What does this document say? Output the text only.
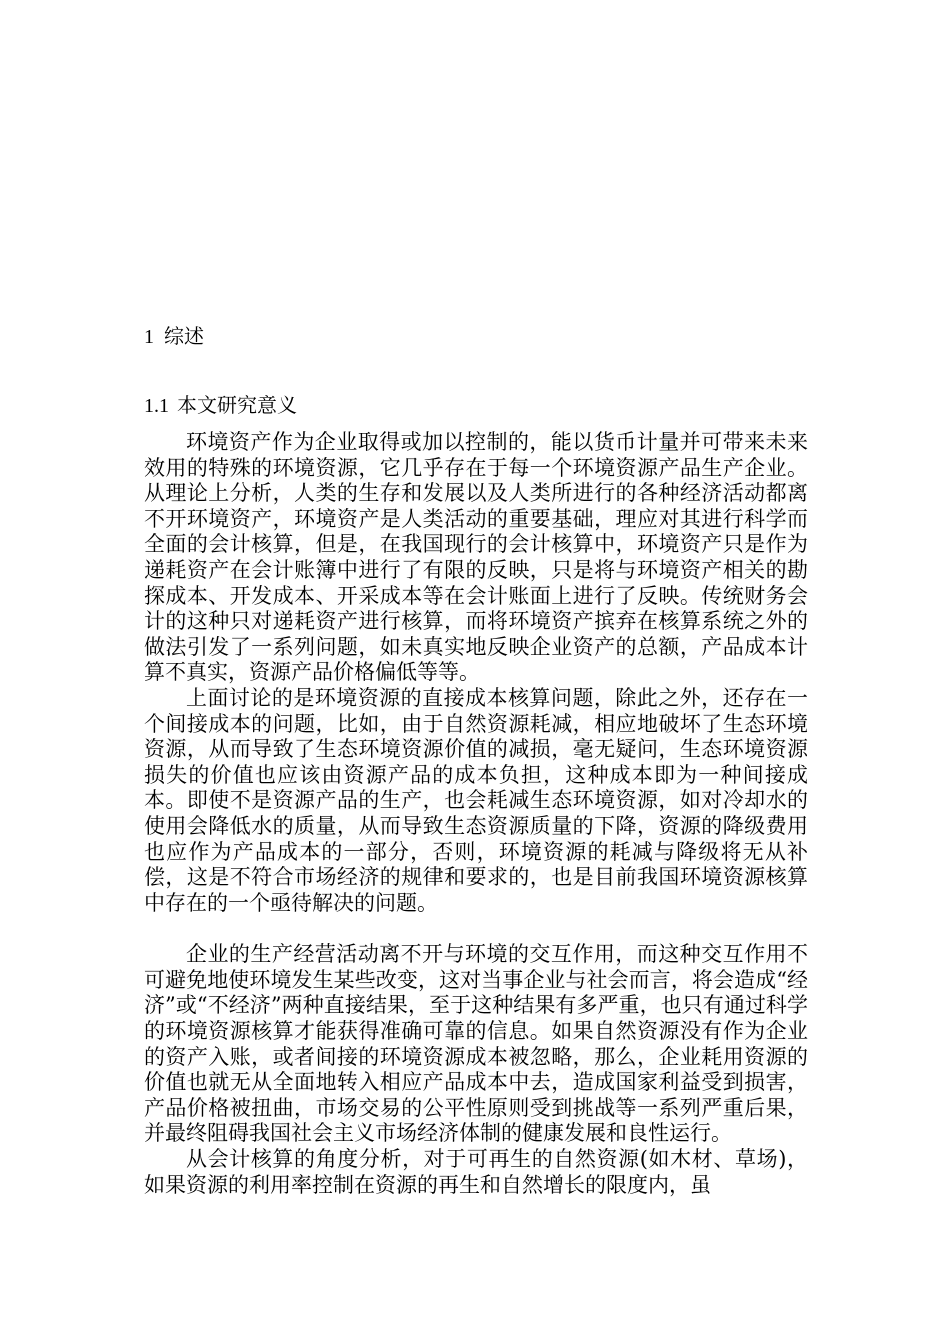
1 综述
1.1 本文研究意义

环境资产作为企业取得或加以控制的，能以货币计量并可带来未来效用的特殊的环境资源，它几乎存在于每一个环境资源产品生产企业。从理论上分析，人类的生存和发展以及人类所进行的各种经济活动都离不开环境资产，环境资产是人类活动的重要基础，理应对其进行科学而全面的会计核算，但是，在我国现行的会计核算中，环境资产只是作为递耗资产在会计账簿中进行了有限的反映，只是将与环境资产相关的勘探成本、开发成本、开采成本等在会计账面上进行了反映。传统财务会计的这种只对递耗资产进行核算，而将环境资产摈弃在核算系统之外的做法引发了一系列问题，如未真实地反映企业资产的总额，产品成本计算不真实，资源产品价格偏低等等。

上面讨论的是环境资源的直接成本核算问题，除此之外，还存在一个间接成本的问题，比如，由于自然资源耗减，相应地破坏了生态环境资源，从而导致了生态环境资源价值的减损，毫无疑问，生态环境资源损失的价值也应该由资源产品的成本负担，这种成本即为一种间接成本。即使不是资源产品的生产，也会耗减生态环境资源，如对冷却水的使用会降低水的质量，从而导致生态资源质量的下降，资源的降级费用也应作为产品成本的一部分，否则，环境资源的耗减与降级将无从补偿，这是不符合市场经济的规律和要求的，也是目前我国环境资源核算中存在的一个亟待解决的问题。

企业的生产经营活动离不开与环境的交互作用，而这种交互作用不可避免地使环境发生某些改变，这对当事企业与社会而言，将会造成“经济”或“不经济”两种直接结果，至于这种结果有多严重，也只有通过科学的环境资源核算才能获得准确可靠的信息。如果自然资源没有作为企业的资产入账，或者间接的环境资源成本被忽略，那么，企业耗用资源的价值也就无从全面地转入相应产品成本中去，造成国家利益受到损害，产品价格被扭曲，市场交易的公平性原则受到挑战等一系列严重后果，并最终阻碍我国社会主义市场经济体制的健康发展和良性运行。

从会计核算的角度分析，对于可再生的自然资源(如木材、草场)，如果资源的利用率控制在资源的再生和自然增长的限度内，虽
